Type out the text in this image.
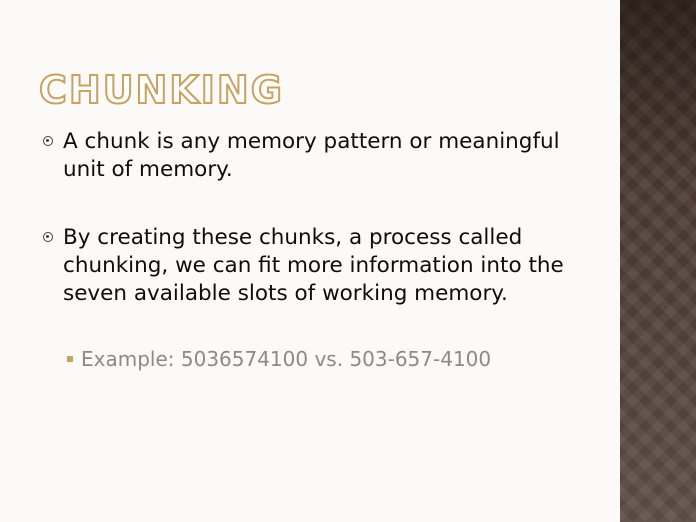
CHUNKING
A chunk is any memory pattern or meaningful unit of memory.
By creating these chunks, a process called chunking, we can fit more information into the seven available slots of working memory.
Example: 5036574100 vs. 503-657-4100
